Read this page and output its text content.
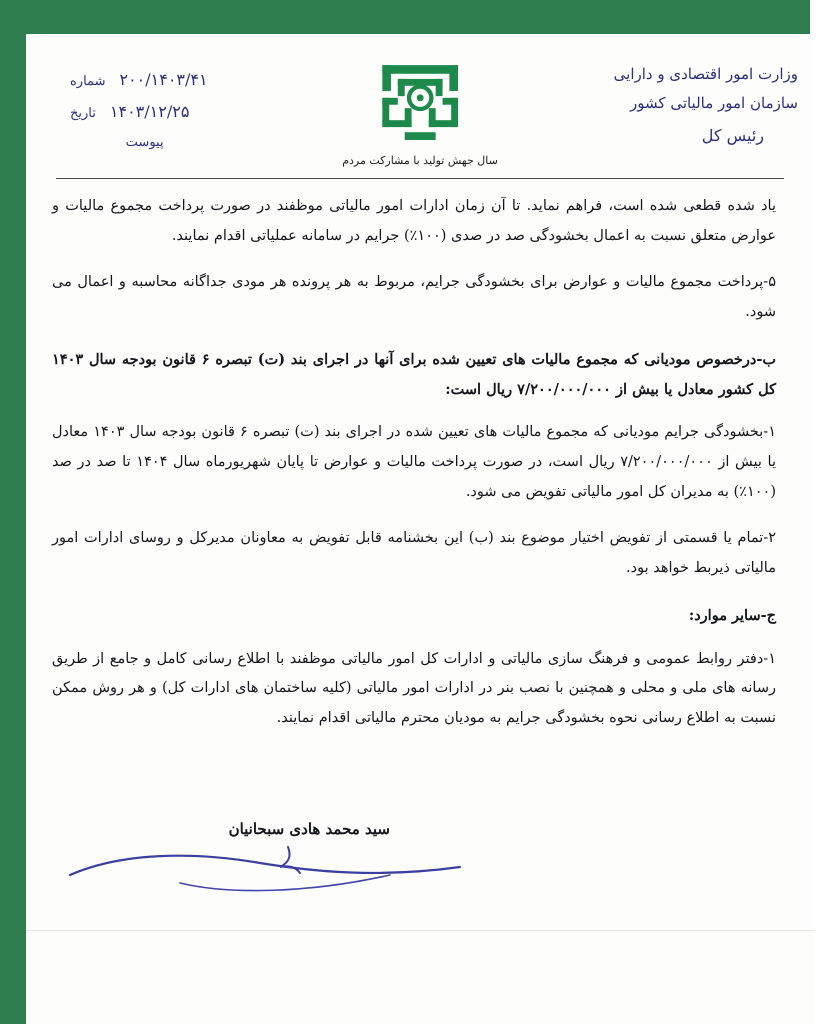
وزارت امور اقتصادی و دارایی
سازمان امور مالیاتی کشور
رئیس کل
سال جهش تولید با مشارکت مردم
شماره ۲۰۰/۱۴۰۳/۴۱
تاریخ ۱۴۰۳/۱۲/۲۵
پیوست

یاد شده قطعی شده است، فراهم نماید. تا آن زمان ادارات امور مالیاتی موظفند در صورت پرداخت مجموع مالیات و عوارض متعلق نسبت به اعمال بخشودگی صد در صدی (۱۰۰٪) جرایم در سامانه عملیاتی اقدام نمایند.

۵-پرداخت مجموع مالیات و عوارض برای بخشودگی جرایم، مربوط به هر پرونده هر مودی جداگانه محاسبه و اعمال می شود.

ب-درخصوص مودیانی که مجموع مالیات های تعیین شده برای آنها در اجرای بند (ت) تبصره ۶ قانون بودجه سال ۱۴۰۳ کل کشور معادل یا بیش از ۷/۲۰۰/۰۰۰/۰۰۰ ریال است:

۱-بخشودگی جرایم مودیانی که مجموع مالیات های تعیین شده در اجرای بند (ت) تبصره ۶ قانون بودجه سال ۱۴۰۳ معادل یا بیش از ۷/۲۰۰/۰۰۰/۰۰۰ ریال است، در صورت پرداخت مالیات و عوارض تا پایان شهریورماه سال ۱۴۰۴ تا صد در صد (۱۰۰٪) به مدیران کل امور مالیاتی تفویض می شود.

۲-تمام یا قسمتی از تفویض اختیار موضوع بند (ب) این بخشنامه قابل تفویض به معاونان مدیرکل و روسای ادارات امور مالیاتی ذیربط خواهد بود.

ج-سایر موارد:

۱-دفتر روابط عمومی و فرهنگ سازی مالیاتی و ادارات کل امور مالیاتی موظفند با اطلاع رسانی کامل و جامع از طریق رسانه های ملی و محلی و همچنین با نصب بنر در ادارات امور مالیاتی (کلیه ساختمان های ادارات کل) و هر روش ممکن نسبت به اطلاع رسانی نحوه بخشودگی جرایم به مودیان محترم مالیاتی اقدام نمایند.

سید محمد هادی سبحانیان
